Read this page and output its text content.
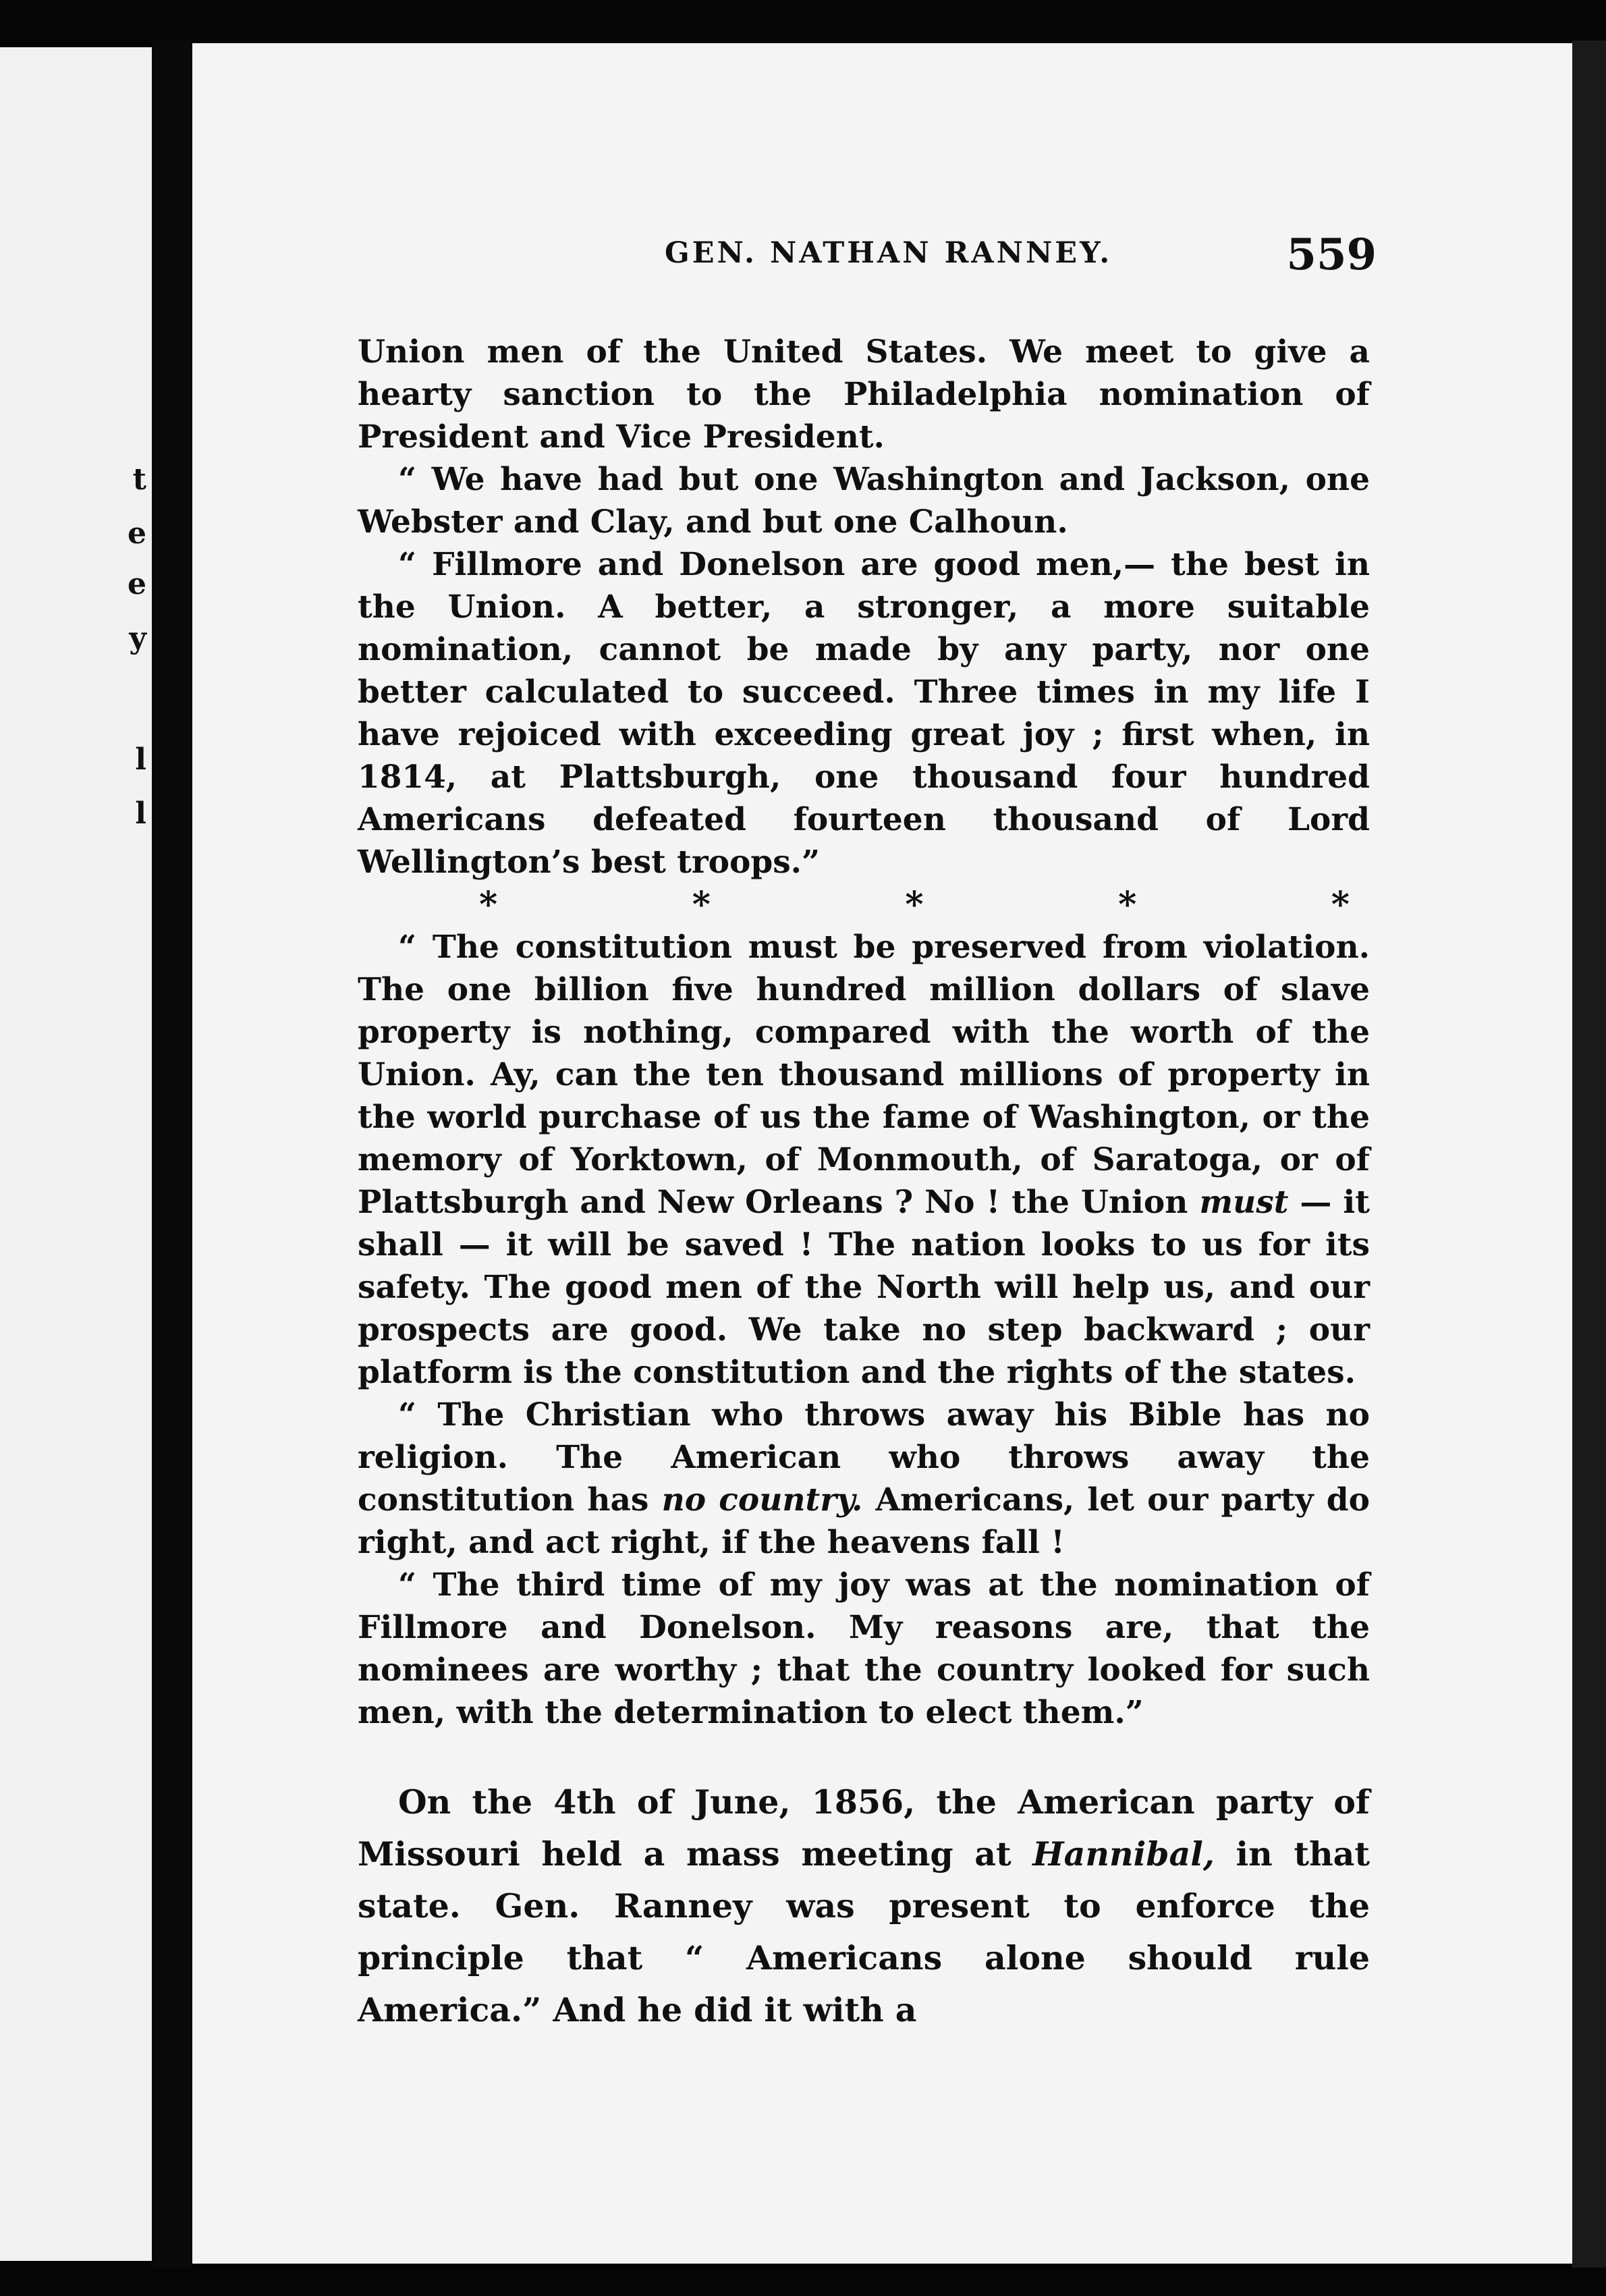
t
e
e
y
l
l
GEN. NATHAN RANNEY.	559

Union men of the United States. We meet to give a hearty sanction to the Philadelphia nomination of President and Vice President.

“ We have had but one Washington and Jackson, one Webster and Clay, and but one Calhoun.

“ Fillmore and Donelson are good men,— the best in the Union. A better, a stronger, a more suitable nomination, cannot be made by any party, nor one better calculated to succeed. Three times in my life I have rejoiced with exceeding great joy ; first when, in 1814, at Plattsburgh, one thousand four hundred Americans defeated fourteen thousand of Lord Wellington’s best troops.”

*	*	*	*	*

“ The constitution must be preserved from violation. The one billion five hundred million dollars of slave property is nothing, compared with the worth of the Union. Ay, can the ten thousand millions of property in the world purchase of us the fame of Washington, or the memory of Yorktown, of Monmouth, of Saratoga, or of Plattsburgh and New Orleans ? No ! the Union must — it shall — it will be saved ! The nation looks to us for its safety. The good men of the North will help us, and our prospects are good. We take no step backward ; our platform is the constitution and the rights of the states.

“ The Christian who throws away his Bible has no religion. The American who throws away the constitution has no country. Americans, let our party do right, and act right, if the heavens fall !

“ The third time of my joy was at the nomination of Fillmore and Donelson. My reasons are, that the nominees are worthy ; that the country looked for such men, with the determination to elect them.”

On the 4th of June, 1856, the American party of Missouri held a mass meeting at Hannibal, in that state. Gen. Ranney was present to enforce the principle that “ Americans alone should rule America.” And he did it with a
